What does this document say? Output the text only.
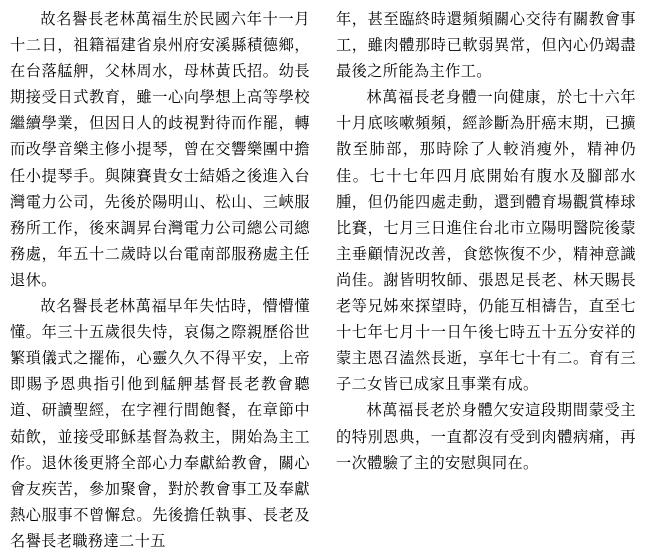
故名譽長老林萬福生於民國六年十一月十二日，祖籍福建省泉州府安溪縣積德鄉，在台落艋舺，父林周水，母林黃氏招。幼長期接受日式教育，雖一心向學想上高等學校繼續學業，但因日人的歧視對待而作罷，轉而改學音樂主修小提琴，曾在交響樂團中擔任小提琴手。與陳賽貴女士結婚之後進入台灣電力公司，先後於陽明山、松山、三峽服務所工作，後來調昇台灣電力公司總公司總務處，年五十二歲時以台電南部服務處主任退休。

故名譽長老林萬福早年失怙時，懵懵懂懂。年三十五歲很失恃，哀傷之際親歷俗世繁瑣儀式之擺佈，心靈久久不得平安，上帝即賜予恩典指引他到艋舺基督長老教會聽道、研讀聖經，在字裡行間飽餐，在章節中茹飲，並接受耶穌基督為救主，開始為主工作。退休後更將全部心力奉獻給教會，關心會友疾苦，參加聚會，對於教會事工及奉獻熱心服事不曾懈怠。先後擔任執事、長老及名譽長老職務達二十五

年，甚至臨終時還頻頻關心交待有關教會事工，雖肉體那時已軟弱異常，但內心仍竭盡最後之所能為主作工。

林萬福長老身體一向健康，於七十六年十月底咳嗽頻頻，經診斷為肝癌末期，已擴散至肺部，那時除了人較消瘦外，精神仍佳。七十七年四月底開始有腹水及腳部水腫，但仍能四處走動，還到體育場觀賞棒球比賽，七月三日進住台北市立陽明醫院後蒙主垂顧情況改善，食慾恢復不少，精神意識尚佳。謝皆明牧師、張恩足長老、林天賜長老等兄姊來探望時，仍能互相禱告，直至七十七年七月十一日午後七時五十五分安祥的蒙主恩召溘然長逝，享年七十有二。育有三子二女皆已成家且事業有成。

林萬福長老於身體欠安這段期間蒙受主的特別恩典，一直都沒有受到肉體病痛，再一次體驗了主的安慰與同在。
